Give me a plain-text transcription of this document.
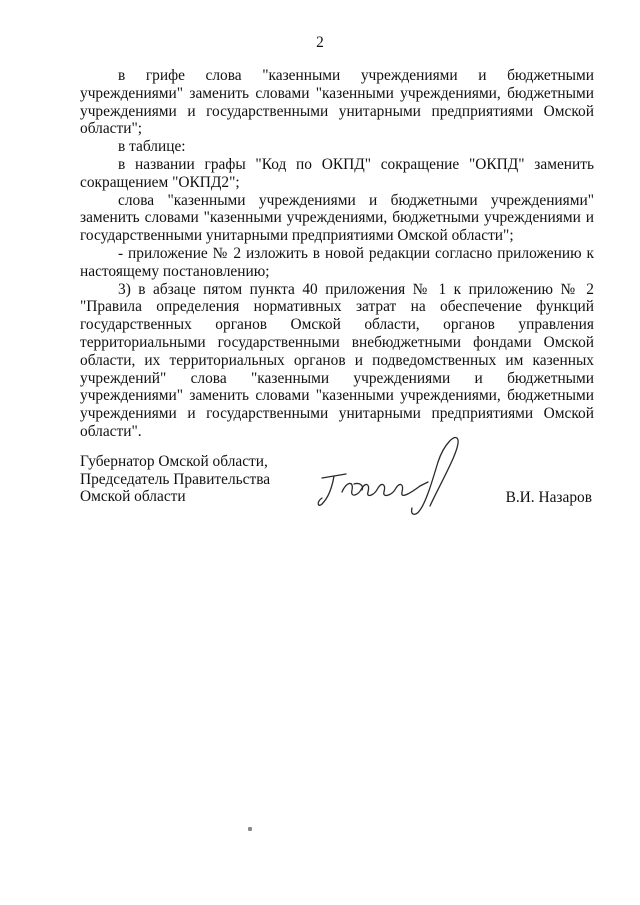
2

в грифе слова "казенными учреждениями и бюджетными учреждениями" заменить словами "казенными учреждениями, бюджетными учреждениями и государственными унитарными предприятиями Омской области";

в таблице:

в названии графы "Код по ОКПД" сокращение "ОКПД" заменить сокращением "ОКПД2";

слова "казенными учреждениями и бюджетными учреждениями" заменить словами "казенными учреждениями, бюджетными учреждениями и государственными унитарными предприятиями Омской области";

- приложение № 2 изложить в новой редакции согласно приложению к настоящему постановлению;

3) в абзаце пятом пункта 40 приложения № 1 к приложению № 2 "Правила определения нормативных затрат на обеспечение функций государственных органов Омской области, органов управления территориальными государственными внебюджетными фондами Омской области, их территориальных органов и подведомственных им казенных учреждений" слова "казенными учреждениями и бюджетными учреждениями" заменить словами "казенными учреждениями, бюджетными учреждениями и государственными унитарными предприятиями Омской области".

Губернатор Омской области,

Председатель Правительства

Омской области	В.И. Назаров
